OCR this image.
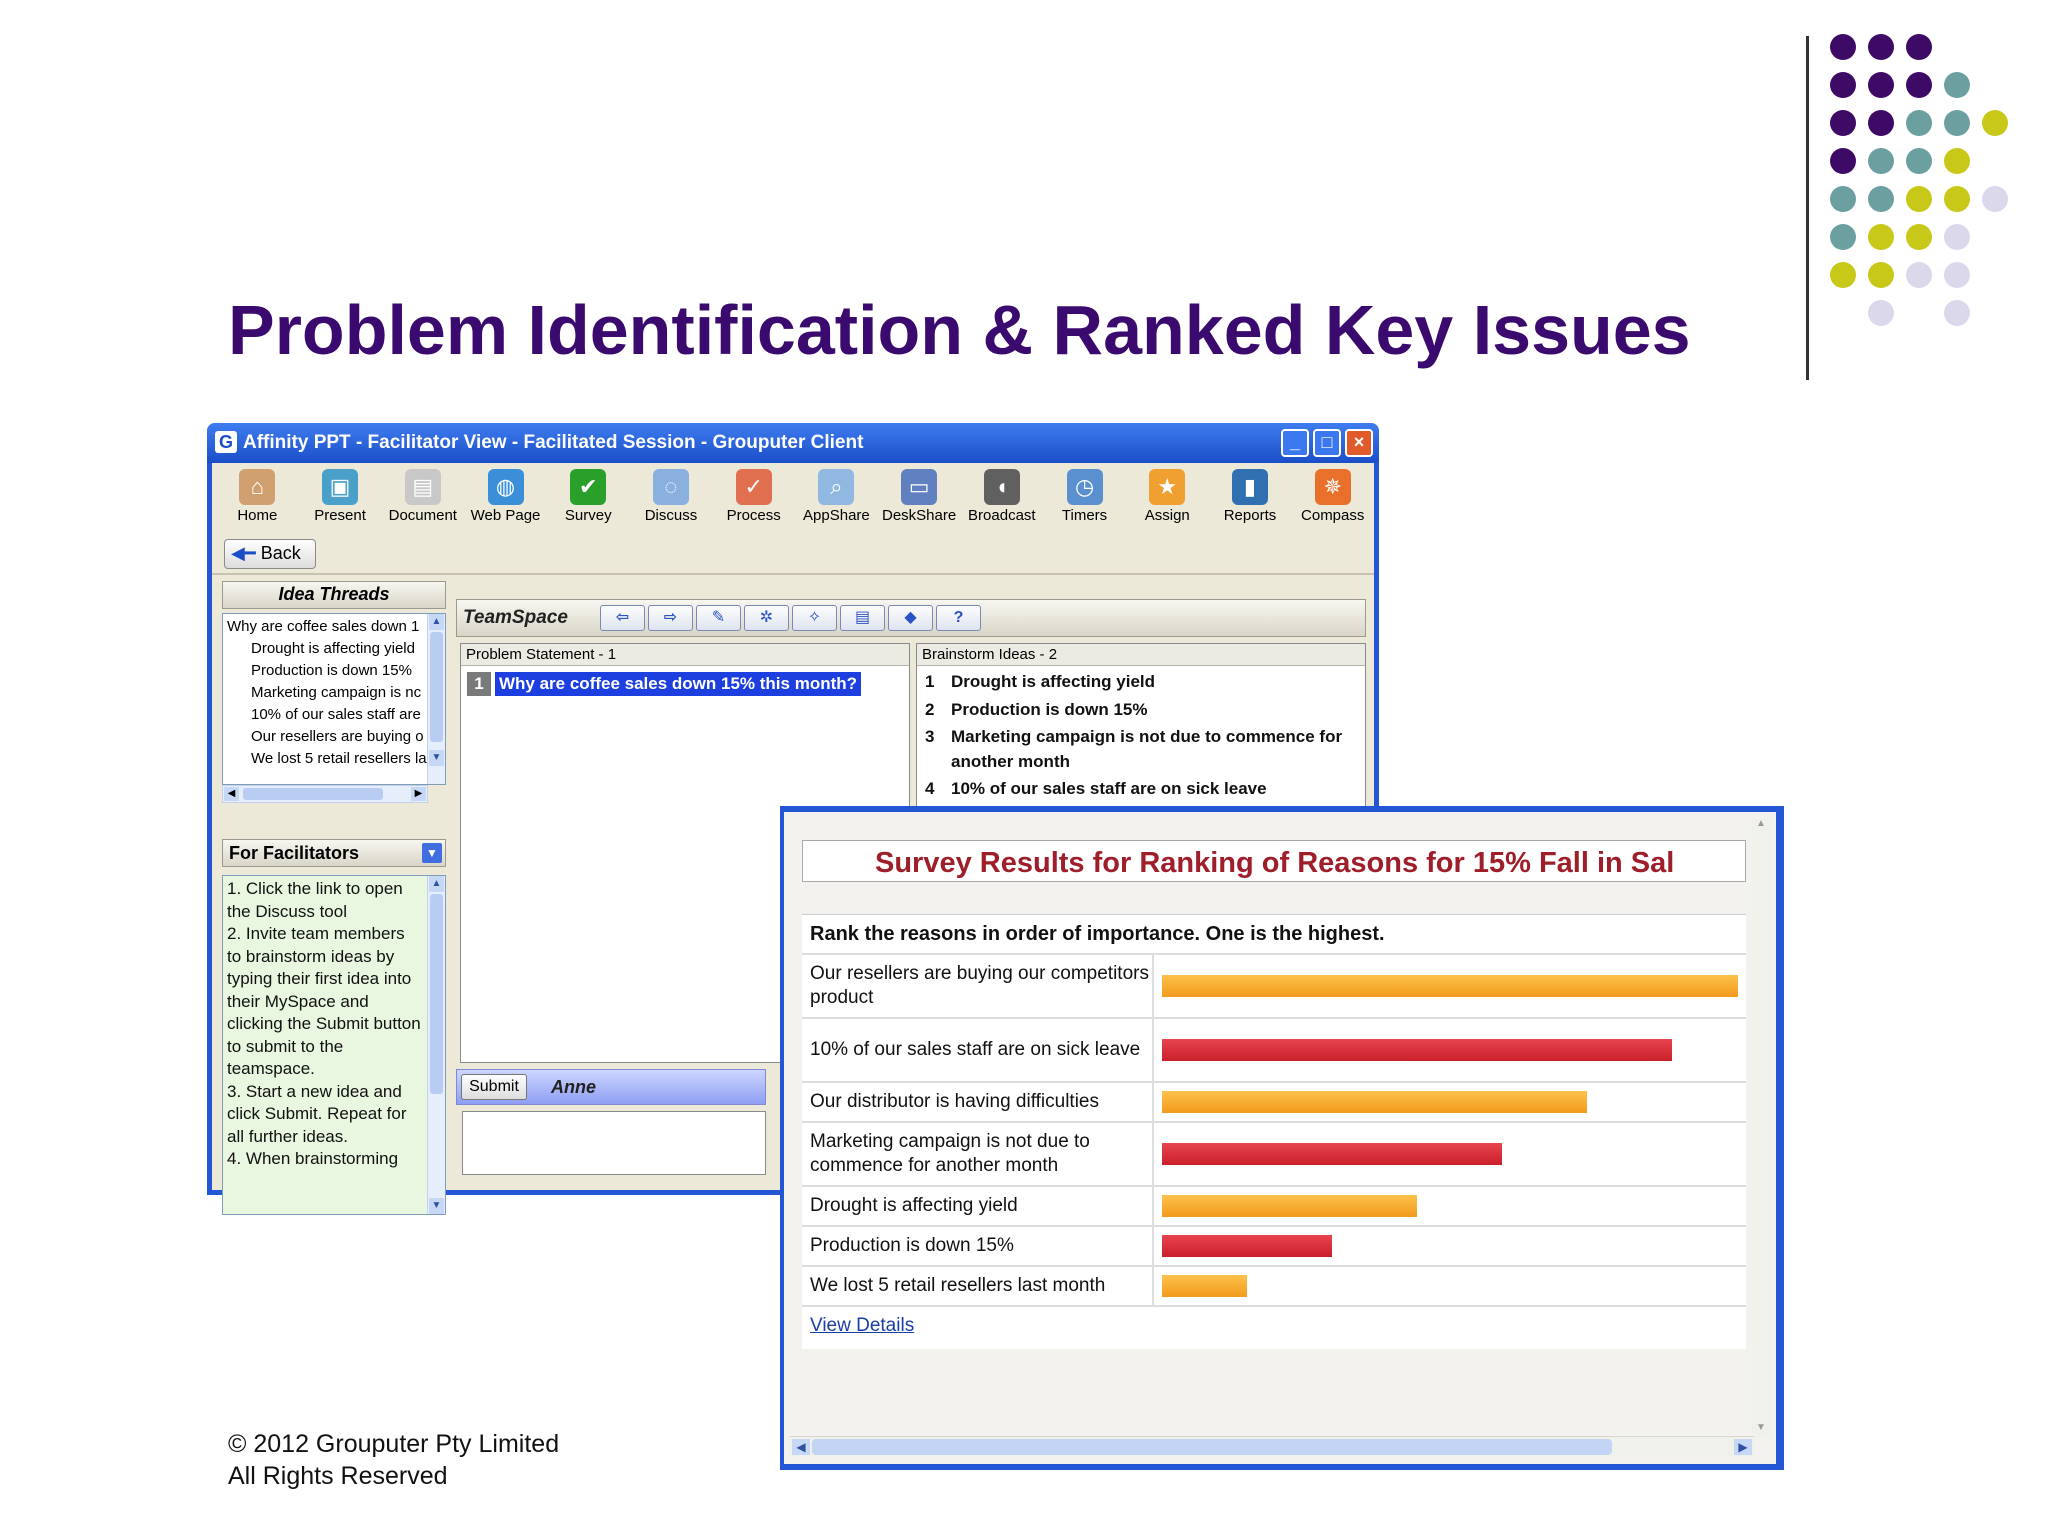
Problem Identification & Ranked Key Issues
G Affinity PPT - Facilitator View - Facilitated Session - Grouputer Client	_	□	×
⌂
Home
▣
Present
▤
Document
◍
Web Page
✔
Survey
◌
Discuss
✓
Process
⌕
AppShare
▭
DeskShare
◖
Broadcast
◷
Timers
★
Assign
▮
Reports
✵
Compass
◀━ Back
Idea Threads
Why are coffee sales down 1
Drought is affecting yield
Production is down 15%
Marketing campaign is nc
10% of our sales staff are
Our resellers are buying o
We lost 5 retail resellers la
▲
▼
◀	▶
For Facilitators	▼
1. Click the link to open the Discuss tool
2. Invite team members to brainstorm ideas by typing their first idea into their MySpace and clicking the Submit button to submit to the teamspace.
3. Start a new idea and click Submit. Repeat for all further ideas.
4. When brainstorming
▲
▼
TeamSpace	⇦	⇨	✎	✲	✧	▤	◆	?
Problem Statement - 1
1 Why are coffee sales down 15% this month?
Brainstorm Ideas - 2
1 Drought is affecting yield
2 Production is down 15%
3 Marketing campaign is not due to commence for another month
4 10% of our sales staff are on sick leave
Submit	Anne
Survey Results for Ranking of Reasons for 15% Fall in Sal
Rank the reasons in order of importance. One is the highest.
Our resellers are buying our competitors product
10% of our sales staff are on sick leave
Our distributor is having difficulties
Marketing campaign is not due to commence for another month
Drought is affecting yield
Production is down 15%
We lost 5 retail resellers last month
View Details
▲
▼
◀	▶
© 2012 Grouputer Pty Limited
All Rights Reserved
